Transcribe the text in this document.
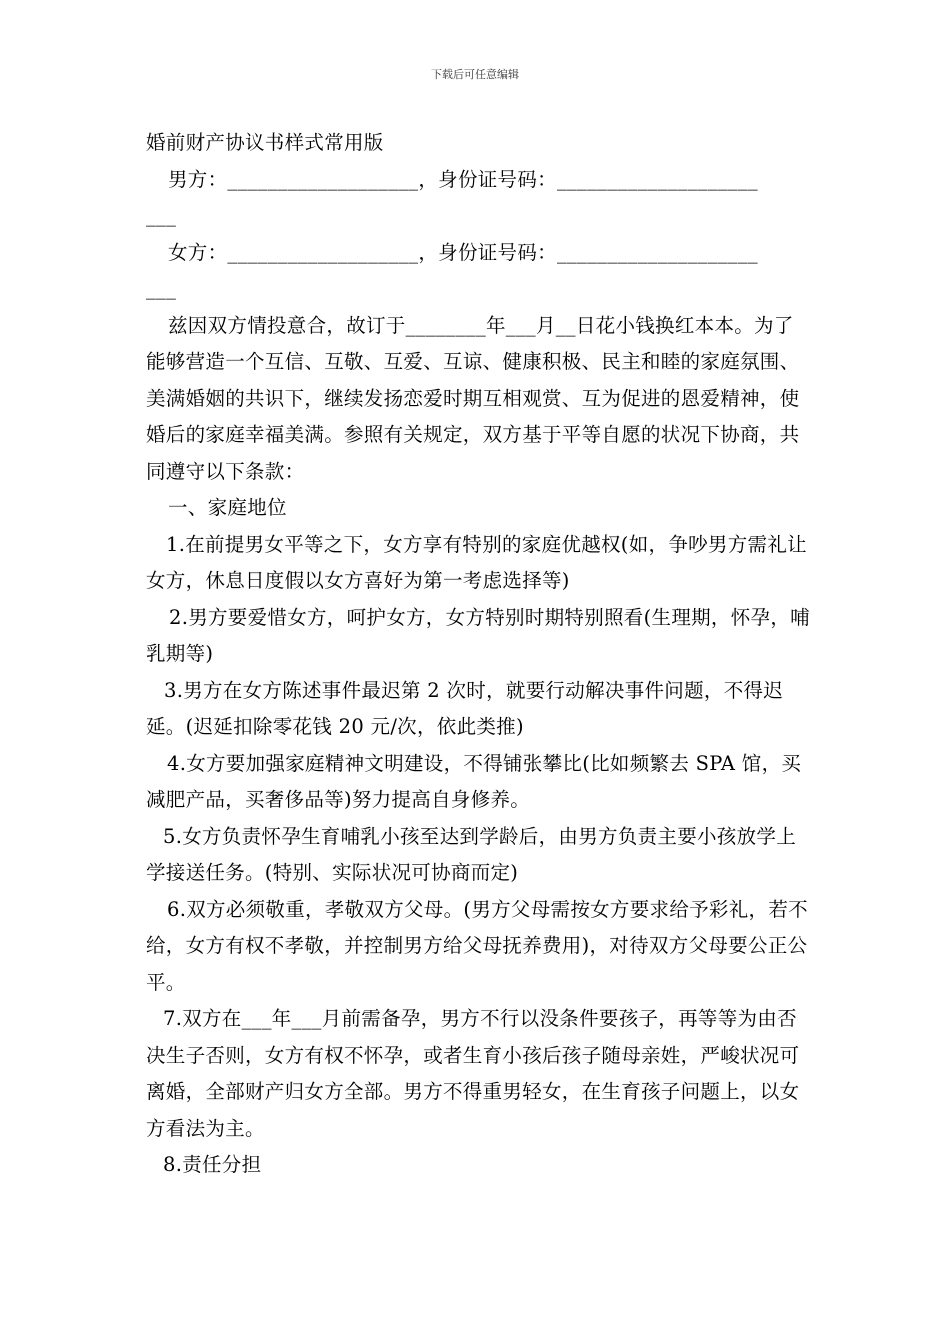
下载后可任意编辑

婚前财产协议书样式常用版

男方：___________________，身份证号码：____________________

___

女方：___________________，身份证号码：____________________

___

兹因双方情投意合，故订于________年___月__日花小钱换红本本。为了能够营造一个互信、互敬、互爱、互谅、健康积极、民主和睦的家庭氛围、美满婚姻的共识下，继续发扬恋爱时期互相观赏、互为促进的恩爱精神，使婚后的家庭幸福美满。参照有关规定，双方基于平等自愿的状况下协商，共同遵守以下条款：

一、家庭地位

1.在前提男女平等之下，女方享有特别的家庭优越权(如，争吵男方需礼让女方，休息日度假以女方喜好为第一考虑选择等)

2.男方要爱惜女方，呵护女方，女方特别时期特别照看(生理期，怀孕，哺乳期等)

3.男方在女方陈述事件最迟第 2 次时，就要行动解决事件问题，不得迟延。(迟延扣除零花钱 20 元/次，依此类推)

4.女方要加强家庭精神文明建设，不得铺张攀比(比如频繁去 SPA 馆，买减肥产品，买奢侈品等)努力提高自身修养。

5.女方负责怀孕生育哺乳小孩至达到学龄后，由男方负责主要小孩放学上学接送任务。(特别、实际状况可协商而定)

6.双方必须敬重，孝敬双方父母。(男方父母需按女方要求给予彩礼，若不给，女方有权不孝敬，并控制男方给父母抚养费用)，对待双方父母要公正公平。

7.双方在___年___月前需备孕，男方不行以没条件要孩子，再等等为由否决生子否则，女方有权不怀孕，或者生育小孩后孩子随母亲姓，严峻状况可离婚，全部财产归女方全部。男方不得重男轻女，在生育孩子问题上，以女方看法为主。

8.责任分担
